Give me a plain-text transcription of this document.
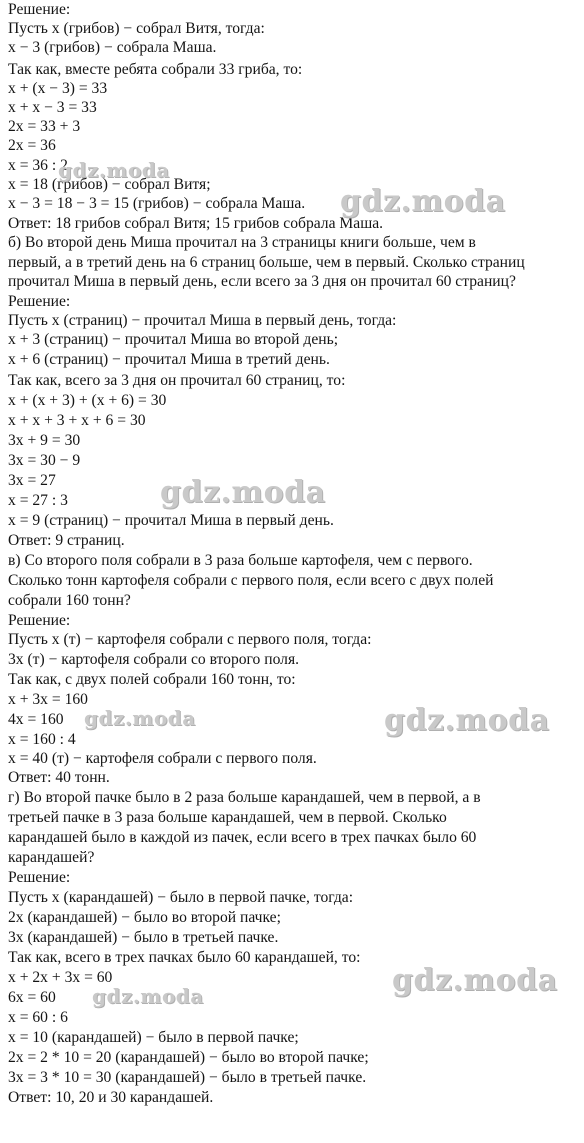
Решение:
Пусть x (грибов) − собрал Витя, тогда:
x − 3 (грибов) − собрала Маша.
Так как, вместе ребята собрали 33 гриба, то:
x + (x − 3) = 33
x + x − 3 = 33
2x = 33 + 3
2x = 36
x = 36 : 2
x = 18 (грибов) − собрал Витя;
x − 3 = 18 − 3 = 15 (грибов) − собрала Маша.
Ответ: 18 грибов собрал Витя; 15 грибов собрала Маша.
б) Во второй день Миша прочитал на 3 страницы книги больше, чем в
первый, а в третий день на 6 страниц больше, чем в первый. Сколько страниц
прочитал Миша в первый день, если всего за 3 дня он прочитал 60 страниц?
Решение:
Пусть x (страниц) − прочитал Миша в первый день, тогда:
x + 3 (страниц) − прочитал Миша во второй день;
x + 6 (страниц) − прочитал Миша в третий день.
Так как, всего за 3 дня он прочитал 60 страниц, то:
x + (x + 3) + (x + 6) = 30
x + x + 3 + x + 6 = 30
3x + 9 = 30
3x = 30 − 9
3x = 27
x = 27 : 3
x = 9 (страниц) − прочитал Миша в первый день.
Ответ: 9 страниц.
в) Со второго поля собрали в 3 раза больше картофеля, чем с первого.
Сколько тонн картофеля собрали с первого поля, если всего с двух полей
собрали 160 тонн?
Решение:
Пусть x (т) − картофеля собрали с первого поля, тогда:
3x (т) − картофеля собрали со второго поля.
Так как, с двух полей собрали 160 тонн, то:
x + 3x = 160
4x = 160
x = 160 : 4
x = 40 (т) − картофеля собрали с первого поля.
Ответ: 40 тонн.
г) Во второй пачке было в 2 раза больше карандашей, чем в первой, а в
третьей пачке в 3 раза больше карандашей, чем в первой. Сколько
карандашей было в каждой из пачек, если всего в трех пачках было 60
карандашей?
Решение:
Пусть x (карандашей) − было в первой пачке, тогда:
2x (карандашей) − было во второй пачке;
3x (карандашей) − было в третьей пачке.
Так как, всего в трех пачках было 60 карандашей, то:
x + 2x + 3x = 60
6x = 60
x = 60 : 6
x = 10 (карандашей) − было в первой пачке;
2x = 2 * 10 = 20 (карандашей) − было во второй пачке;
3x = 3 * 10 = 30 (карандашей) − было в третьей пачке.
Ответ: 10, 20 и 30 карандашей.
gdz.moda
gdz.moda
gdz.moda
gdz.moda	gdz.moda
gdz.moda
gdz.moda
